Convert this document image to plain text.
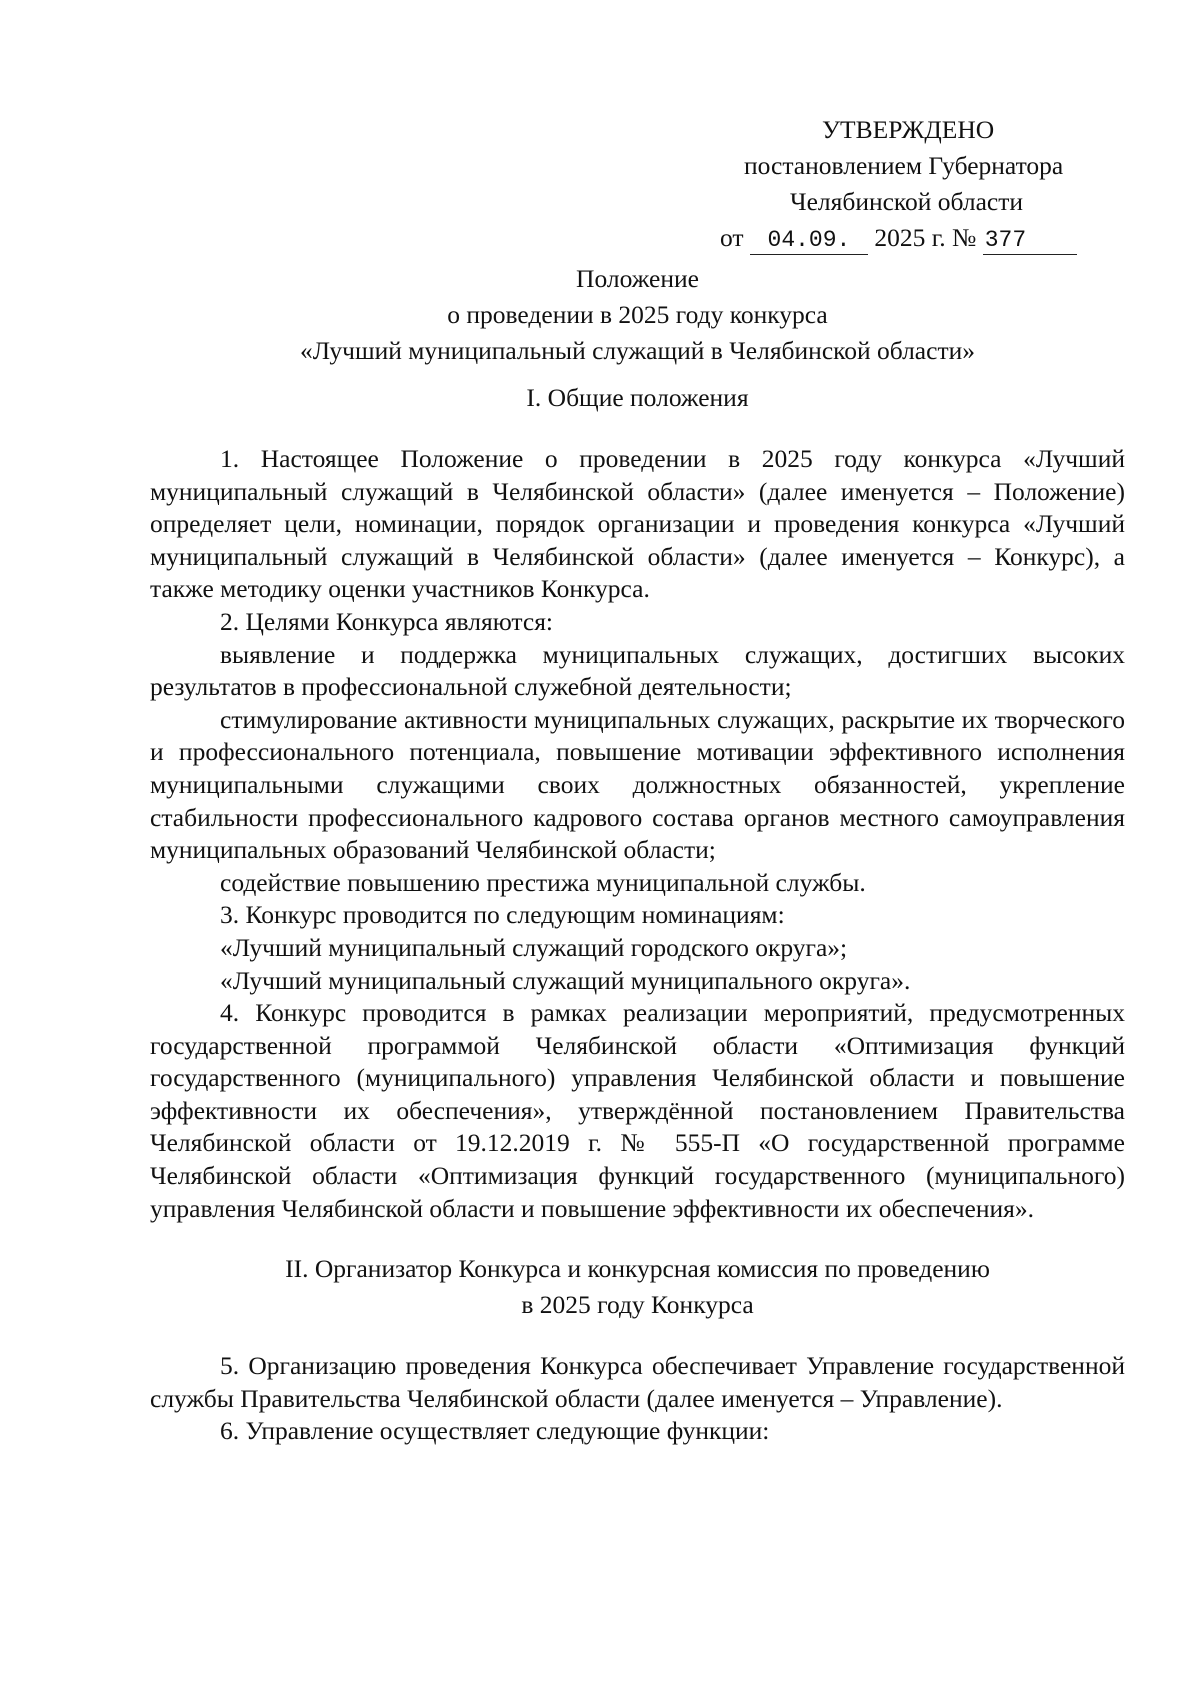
УТВЕРЖДЕНО
постановлением Губернатора
Челябинской области
от 04.09. 2025 г. № 377
Положение
о проведении в 2025 году конкурса
«Лучший муниципальный служащий в Челябинской области»
I. Общие положения

1. Настоящее Положение о проведении в 2025 году конкурса «Лучший муниципальный служащий в Челябинской области» (далее именуется – Положение) определяет цели, номинации, порядок организации и проведения конкурса «Лучший муниципальный служащий в Челябинской области» (далее именуется – Конкурс), а также методику оценки участников Конкурса.

2. Целями Конкурса являются:

выявление и поддержка муниципальных служащих, достигших высоких результатов в профессиональной служебной деятельности;

стимулирование активности муниципальных служащих, раскрытие их творческого и профессионального потенциала, повышение мотивации эффективного исполнения муниципальными служащими своих должностных обязанностей, укрепление стабильности профессионального кадрового состава органов местного самоуправления муниципальных образований Челябинской области;

содействие повышению престижа муниципальной службы.

3. Конкурс проводится по следующим номинациям:

«Лучший муниципальный служащий городского округа»;

«Лучший муниципальный служащий муниципального округа».

4. Конкурс проводится в рамках реализации мероприятий, предусмотренных государственной программой Челябинской области «Оптимизация функций государственного (муниципального) управления Челябинской области и повышение эффективности их обеспечения», утверждённой постановлением Правительства Челябинской области от 19.12.2019 г. № 555-П «О государственной программе Челябинской области «Оптимизация функций государственного (муниципального) управления Челябинской области и повышение эффективности их обеспечения».

II. Организатор Конкурса и конкурсная комиссия по проведению
в 2025 году Конкурса

5. Организацию проведения Конкурса обеспечивает Управление государственной службы Правительства Челябинской области (далее именуется – Управление).

6. Управление осуществляет следующие функции:
